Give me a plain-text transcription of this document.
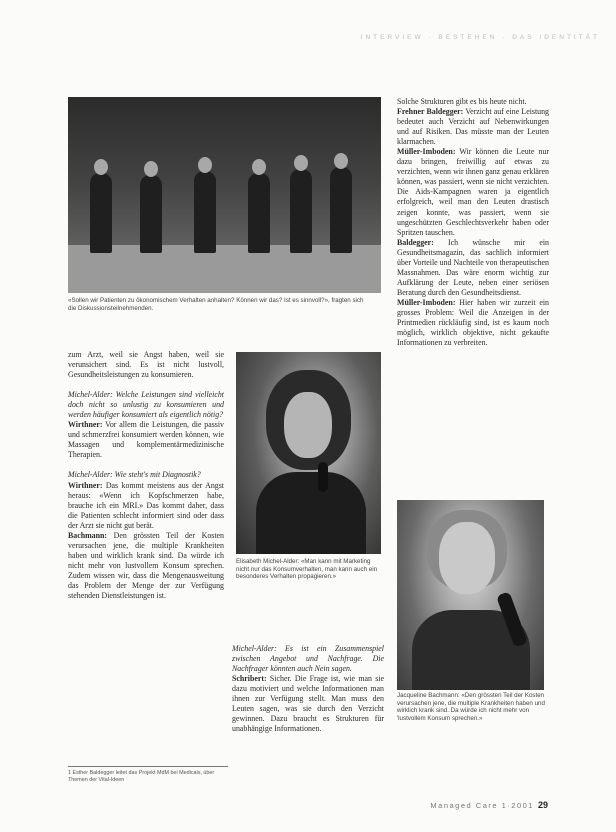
INTERVIEW · BESTEHEN · DAS IDENTITÄT
«Sollen wir Patienten zu ökonomischem Verhalten anhalten? Können wir das? Ist es sinnvoll?», fragten sich die Diskussionsteilnehmenden.
Elisabeth Michel-Alder: «Man kann mit Marketing nicht nur das Konsumverhalten, man kann auch ein besonderes Verhalten propagieren.»
Jacqueline Bachmann: «Den grössten Teil der Kosten verursachen jene, die multiple Krankheiten haben und wirklich krank sind. Da würde ich nicht mehr von 'lustvollem Konsum sprechen.»

zum Arzt, weil sie Angst haben, weil sie verunsichert sind. Es ist nicht lustvoll, Gesundheitsleistungen zu konsumieren.

Michel-Alder: Welche Leistungen sind vielleicht doch nicht so unlustig zu konsumieren und werden häufiger konsumiert als eigentlich nötig?

Wirthner: Vor allem die Leistungen, die passiv und schmerzfrei konsumiert werden können, wie Massagen und komplementärmedizinische Therapien.

Michel-Alder: Wie steht's mit Diagnostik?

Wirthner: Das kommt meistens aus der Angst heraus: «Wenn ich Kopfschmerzen habe, brauche ich ein MRI.» Das kommt daher, dass die Patienten schlecht informiert sind oder dass der Arzt sie nicht gut berät.

Bachmann: Den grössten Teil der Kosten verursachen jene, die multiple Krankheiten haben und wirklich krank sind. Da würde ich nicht mehr von lustvollem Konsum sprechen. Zudem wissen wir, dass die Mengenausweitung das Problem der Menge der zur Verfügung stehenden Dienstleistungen ist.

Michel-Alder: Es ist ein Zusammenspiel zwischen Angebot und Nachfrage. Die Nachfrager könnten auch Nein sagen.

Schribert: Sicher. Die Frage ist, wie man sie dazu motiviert und welche Informationen man ihnen zur Verfügung stellt. Man muss den Leuten sagen, was sie durch den Verzicht gewinnen. Dazu braucht es Strukturen für unabhängige Informationen.

Solche Strukturen gibt es bis heute nicht.

Frehner Baldegger: Verzicht auf eine Leistung bedeutet auch Verzicht auf Nebenwirkungen und auf Risiken. Das müsste man der Leuten klarmachen.

Müller-Imboden: Wir können die Leute nur dazu bringen, freiwillig auf etwas zu verzichten, wenn wir ihnen ganz genau erklären können, was passiert, wenn sie nicht verzichten. Die Aids-Kampagnen waren ja eigentlich erfolgreich, weil man den Leuten drastisch zeigen konnte, was passiert, wenn sie ungeschützten Geschlechtsverkehr haben oder Spritzen tauschen.

Baldegger: Ich wünsche mir ein Gesundheitsmagazin, das sachlich informiert über Vorteile und Nachteile von therapeutischen Massnahmen. Das wäre enorm wichtig zur Aufklärung der Leute, neben einer seriösen Beratung durch den Gesundheitsdienst.

Müller-Imboden: Hier haben wir zurzeit ein grosses Problem: Weil die Anzeigen in der Printmedien rückläufig sind, ist es kaum noch möglich, wirklich objektive, nicht gekaufte Informationen zu verbreiten.

1 Esther Baldegger leitet das Projekt MdM bei Medicals, über Themen der Vital-Ideen
Managed Care 1·2001 29
